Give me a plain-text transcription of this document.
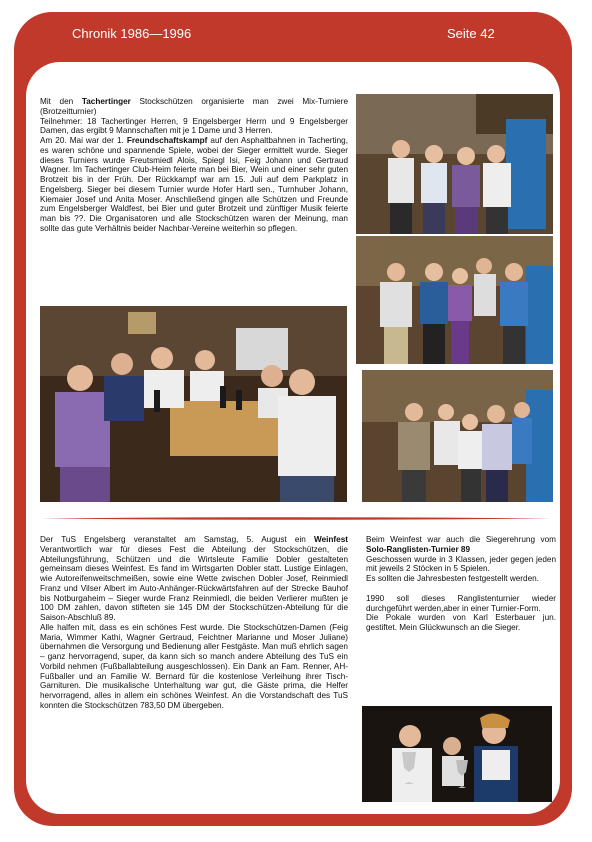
Chronik 1986—1996	Seite 42

Mit den Tachertinger Stockschützen organisierte man zwei Mix-Turniere (Brotzeitturnier)

Teilnehmer: 18 Tachertinger Herren, 9 Engelsberger Herrn und 9 Engelsberger Damen, das ergibt 9 Mannschaften mit je 1 Dame und 3 Herren.

Am 20. Mai war der 1. Freundschaftskampf auf den Asphaltbahnen in Tacherting, es waren schöne und spannende Spiele, wobei der Sieger ermittelt wurde. Sieger dieses Turniers wurde Freutsmiedl Alois, Spiegl Isi, Feig Johann und Gertraud Wagner. Im Tachertinger Club-Heim feierte man bei Bier, Wein und einer sehr guten Brotzeit bis in der Früh. Der Rückkampf war am 15. Juli auf dem Parkplatz in Engelsberg. Sieger bei diesem Turnier wurde Hofer Hartl sen., Turnhuber Johann, Kiemaier Josef und Anita Moser. Anschließend gingen alle Schützen und Freunde zum Engelsberger Waldfest, bei Bier und guter Brotzeit und zünftiger Musik feierte man bis ??. Die Organisatoren und alle Stockschützen waren der Meinung, man sollte das gute Verhältnis beider Nachbar-Vereine weiterhin so pflegen.

Der TuS Engelsberg veranstaltet am Samstag, 5. August ein Weinfest Verantwortlich war für dieses Fest die Abteilung der Stockschützen, die Abteilungsführung, Schützen und die Wirtsleute Familie Dobler gestalteten gemeinsam dieses Weinfest. Es fand im Wirtsgarten Dobler statt. Lustige Einlagen, wie Autoreifenweitschmeißen, sowie eine Wette zwischen Dobler Josef, Reinmiedl Franz und Vilser Albert im Auto-Anhänger-Rückwärtsfahren auf der Strecke Bauhof bis Notburgaheim – Sieger wurde Franz Reinmiedl, die beiden Verlierer mußten je 100 DM zahlen, davon stifteten sie 145 DM der Stockschützen-Abteilung für die Saison-Abschluß 89.

Alle halfen mit, dass es ein schönes Fest wurde. Die Stockschützen-Damen (Feig Maria, Wimmer Kathi, Wagner Gertraud, Feichtner Marianne und Moser Juliane) übernahmen die Versorgung und Bedienung aller Festgäste. Man muß ehrlich sagen – ganz hervorragend, super, da kann sich so manch andere Abteilung des TuS ein Vorbild nehmen (Fußballabteilung ausgeschlossen). Ein Dank an Fam. Renner, AH-Fußballer und an Familie W. Bernard für die kostenlose Verleihung ihrer Tisch-Garnituren. Die musikalische Unterhaltung war gut, die Gäste prima, die Helfer hervorragend, alles in allem ein schönes Weinfest. An die Vorstandschaft des TuS konnten die Stockschützen 783,50 DM übergeben.

Beim Weinfest war auch die Siegerehrung vom Solo-Ranglisten-Turnier 89

Geschossen wurde in 3 Klassen, jeder gegen jeden mit jeweils 2 Stöcken in 5 Spielen.

Es sollten die Jahresbesten festgestellt werden.

1990 soll dieses Ranglistenturnier wieder durchgeführt werden,aber in einer Turnier-Form.

Die Pokale wurden von Karl Esterbauer jun. gestiftet. Mein Glückwunsch an die Sieger.
